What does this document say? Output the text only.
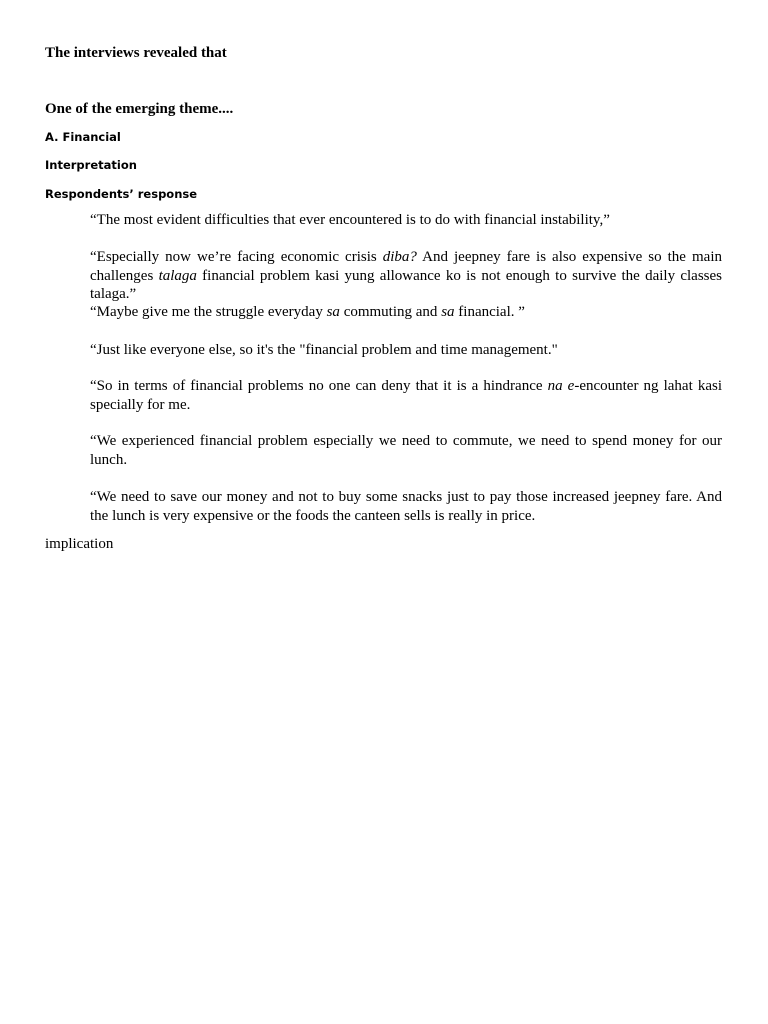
The interviews revealed that

One of the emerging theme....

A. Financial

Interpretation

Respondents’ response

“The most evident difficulties that ever encountered is to do with financial instability,”

“Especially now we’re facing economic crisis diba? And jeepney fare is also expensive so the main challenges talaga financial problem kasi yung allowance ko is not enough to survive the daily classes talaga.”

“Maybe give me the struggle everyday sa commuting and sa financial. ”

“Just like everyone else, so it's the "financial problem and time management."

“So in terms of financial problems no one can deny that it is a hindrance na e-encounter ng lahat kasi specially for me.

“We experienced financial problem especially we need to commute, we need to spend money for our lunch.

“We need to save our money and not to buy some snacks just to pay those increased jeepney fare. And the lunch is very expensive or the foods the canteen sells is really in price.

implication
